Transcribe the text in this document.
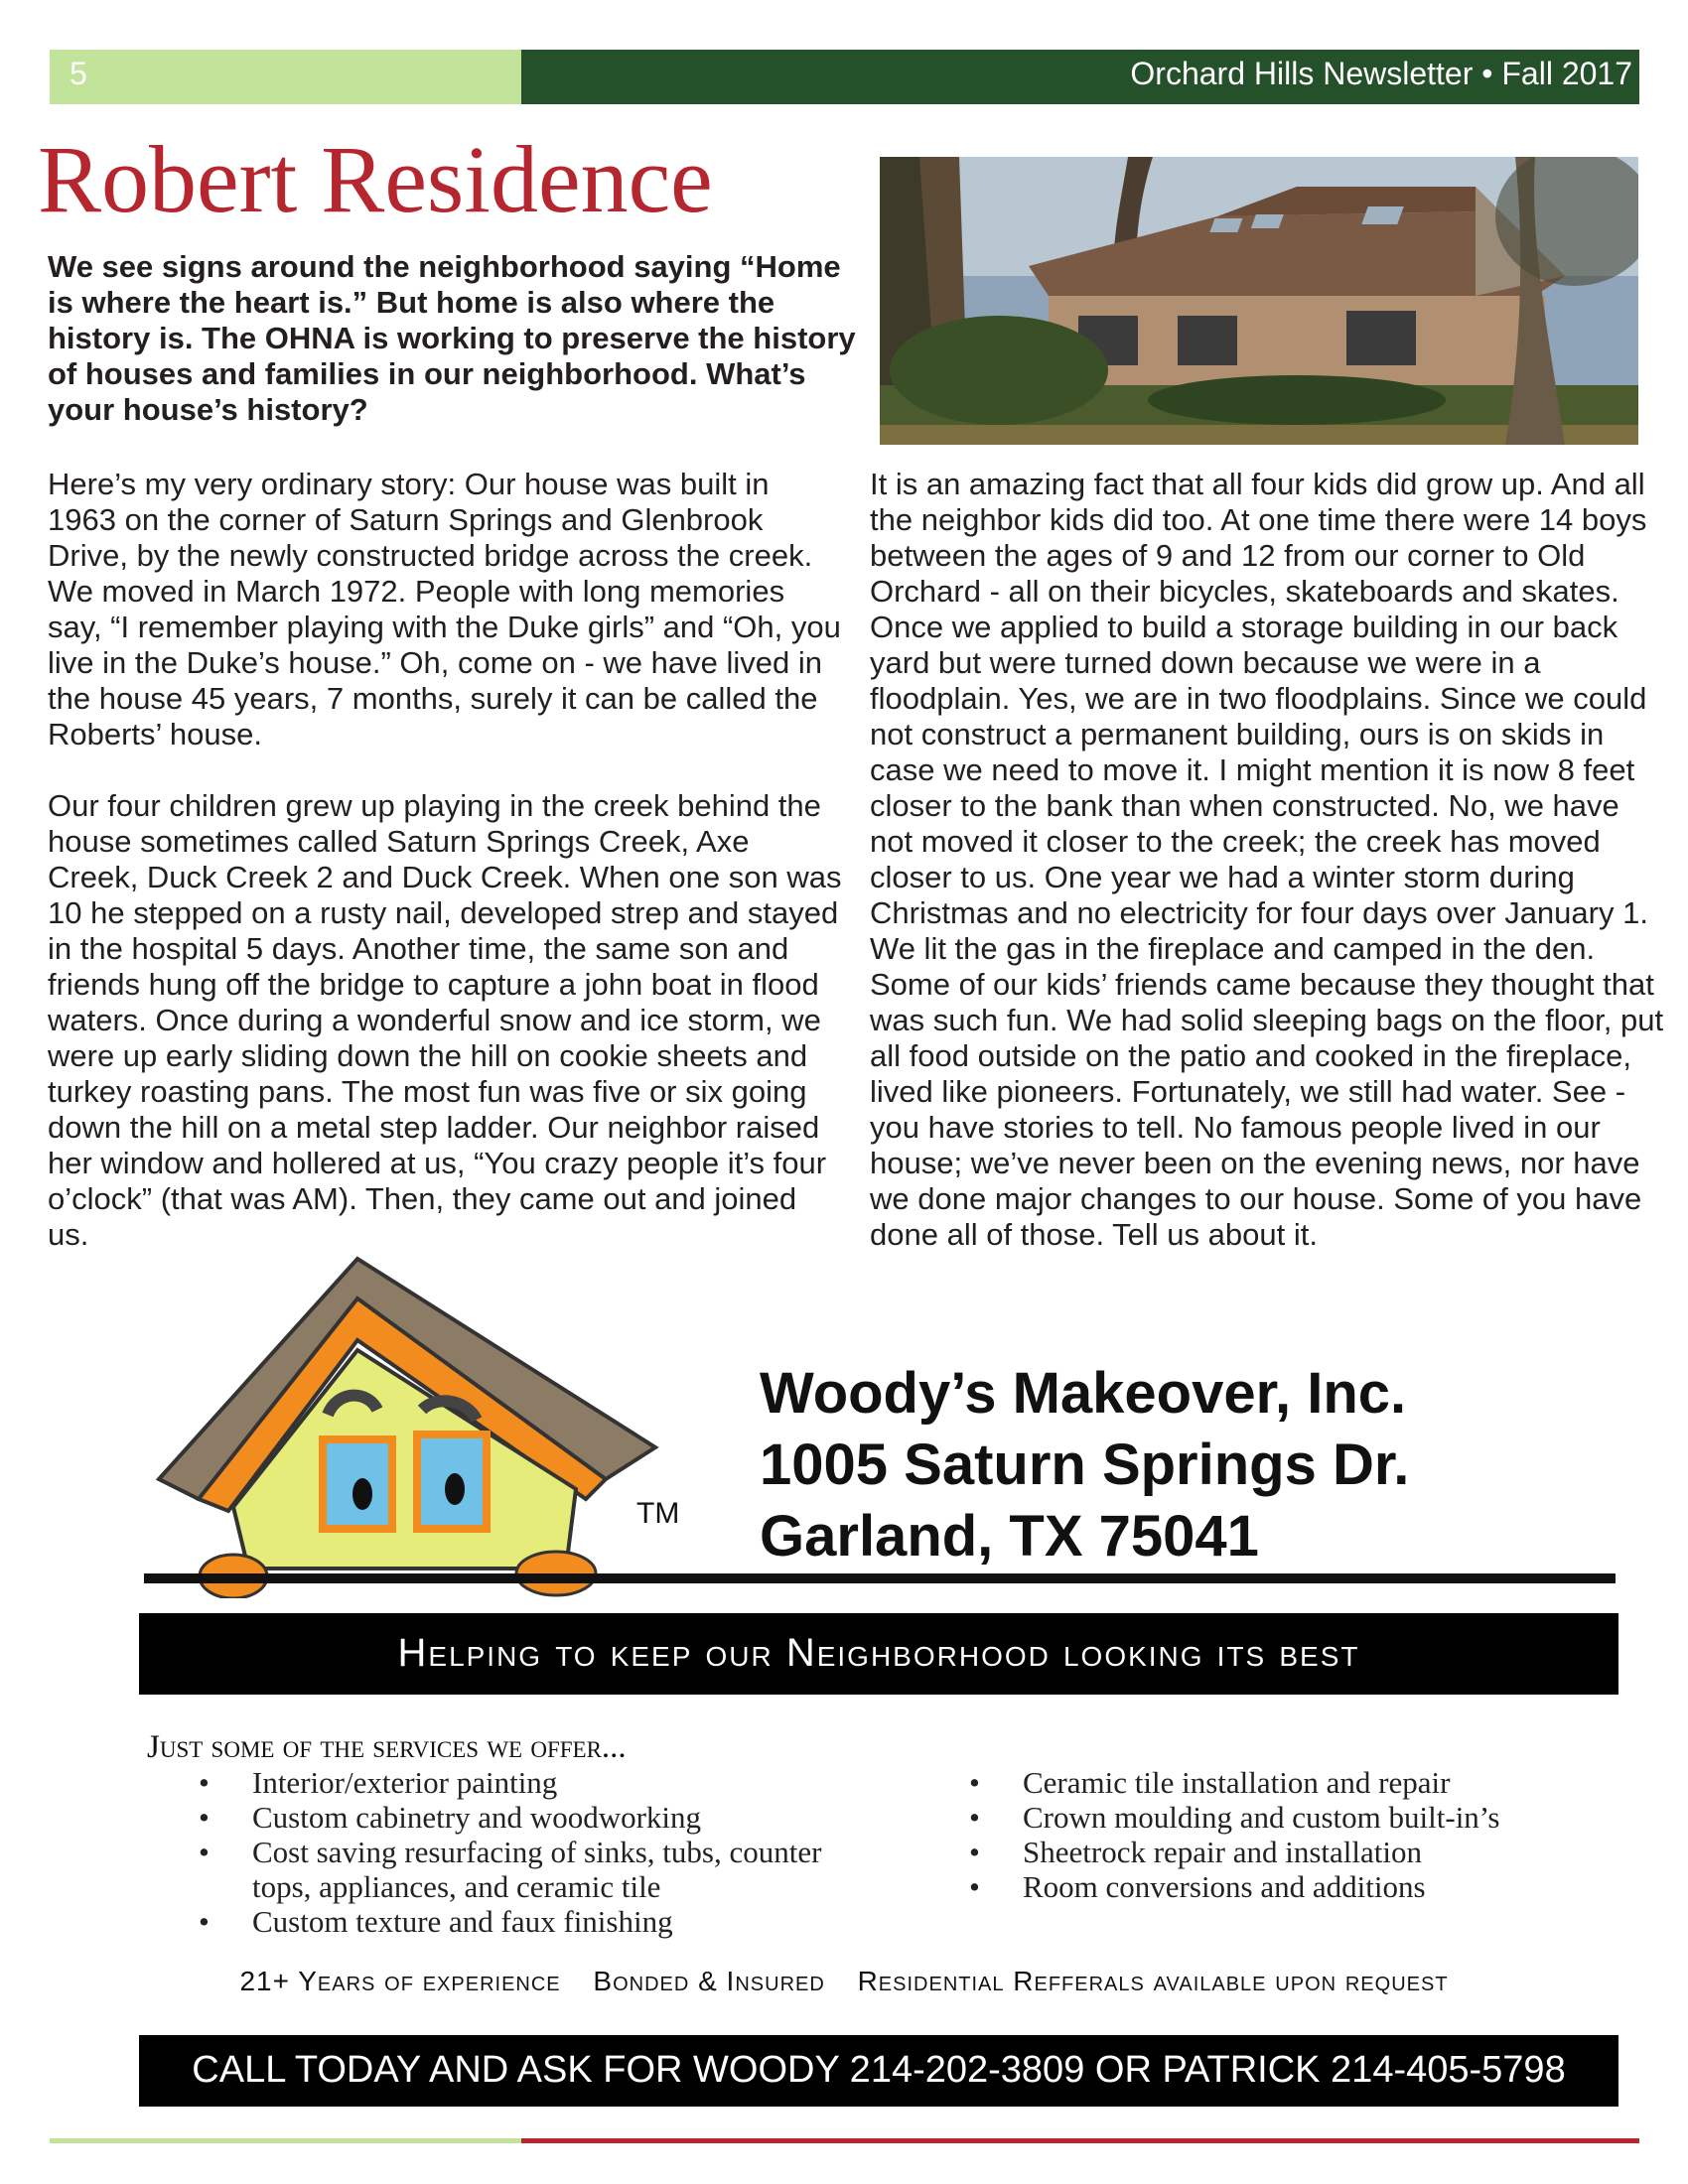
5	Orchard Hills Newsletter • Fall 2017
Robert Residence
We see signs around the neighborhood saying “Home is where the heart is.” But home is also where the history is. The OHNA is working to preserve the history of houses and families in our neighborhood. What’s your house’s history?

Here’s my very ordinary story: Our house was built in 1963 on the corner of Saturn Springs and Glenbrook Drive, by the newly constructed bridge across the creek. We moved in March 1972. People with long memories say, “I remember playing with the Duke girls” and “Oh, you live in the Duke’s house.” Oh, come on - we have lived in the house 45 years, 7 months, surely it can be called the Roberts’ house.

Our four children grew up playing in the creek behind the house sometimes called Saturn Springs Creek, Axe Creek, Duck Creek 2 and Duck Creek. When one son was 10 he stepped on a rusty nail, developed strep and stayed in the hospital 5 days. Another time, the same son and friends hung off the bridge to capture a john boat in flood waters. Once during a wonderful snow and ice storm, we were up early sliding down the hill on cookie sheets and turkey roasting pans. The most fun was five or six going down the hill on a metal step ladder. Our neighbor raised her window and hollered at us, “You crazy people it’s four o’clock” (that was AM). Then, they came out and joined us.

It is an amazing fact that all four kids did grow up. And all the neighbor kids did too. At one time there were 14 boys between the ages of 9 and 12 from our corner to Old Orchard - all on their bicycles, skateboards and skates. Once we applied to build a storage building in our back yard but were turned down because we were in a floodplain. Yes, we are in two floodplains. Since we could not construct a permanent building, ours is on skids in case we need to move it. I might mention it is now 8 feet closer to the bank than when constructed. No, we have not moved it closer to the creek; the creek has moved closer to us. One year we had a winter storm during Christmas and no electricity for four days over January 1. We lit the gas in the fireplace and camped in the den. Some of our kids’ friends came because they thought that was such fun. We had solid sleeping bags on the floor, put all food outside on the patio and cooked in the fireplace, lived like pioneers. Fortunately, we still had water. See - you have stories to tell. No famous people lived in our house; we’ve never been on the evening news, nor have we done major changes to our house. Some of you have done all of those. Tell us about it.

TM
Woody’s Makeover, Inc.
1005 Saturn Springs Dr.
Garland, TX 75041
Helping to keep our Neighborhood looking its best
Just some of the services we offer...
• Interior/exterior painting
• Custom cabinetry and woodworking
• Cost saving resurfacing of sinks, tubs, counter tops, appliances, and ceramic tile
• Custom texture and faux finishing
• Ceramic tile installation and repair
• Crown moulding and custom built-in’s
• Sheetrock repair and installation
• Room conversions and additions
21+ Years of experience Bonded & Insured Residential Refferals available upon request
CALL TODAY AND ASK FOR WOODY 214-202-3809 OR PATRICK 214-405-5798
